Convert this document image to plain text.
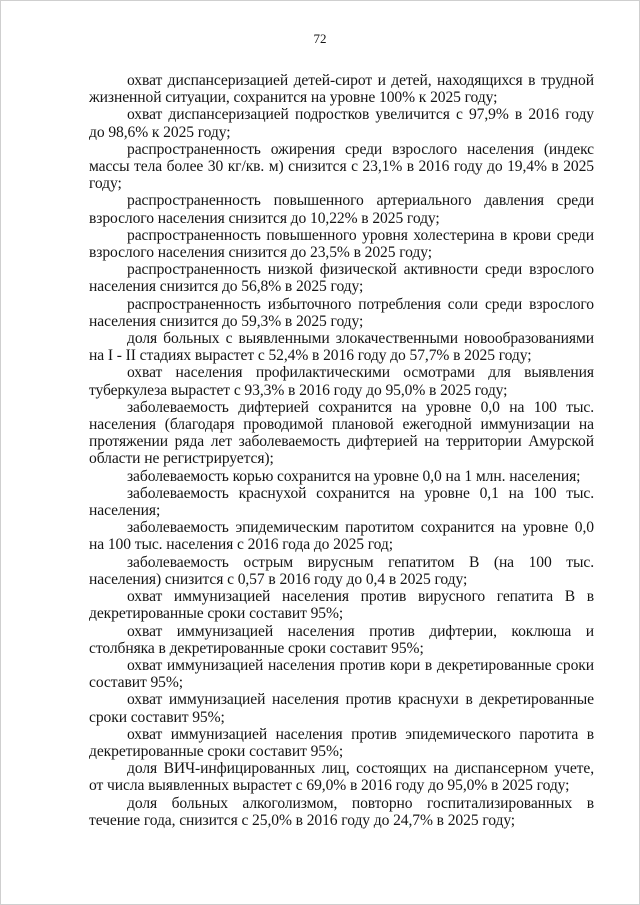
72

охват диспансеризацией детей-сирот и детей, находящихся в трудной жизненной ситуации, сохранится на уровне 100% к 2025 году;

охват диспансеризацией подростков увеличится с 97,9% в 2016 году до 98,6% к 2025 году;

распространенность ожирения среди взрослого населения (индекс массы тела более 30 кг/кв. м) снизится с 23,1% в 2016 году до 19,4% в 2025 году;

распространенность повышенного артериального давления среди взрослого населения снизится до 10,22% в 2025 году;

распространенность повышенного уровня холестерина в крови среди взрослого населения снизится до 23,5% в 2025 году;

распространенность низкой физической активности среди взрослого населения снизится до 56,8% в 2025 году;

распространенность избыточного потребления соли среди взрослого населения снизится до 59,3% в 2025 году;

доля больных с выявленными злокачественными новообразованиями на I - II стадиях вырастет с 52,4% в 2016 году до 57,7% в 2025 году;

охват населения профилактическими осмотрами для выявления туберкулеза вырастет с 93,3% в 2016 году до 95,0% в 2025 году;

заболеваемость дифтерией сохранится на уровне 0,0 на 100 тыс. населения (благодаря проводимой плановой ежегодной иммунизации на протяжении ряда лет заболеваемость дифтерией на территории Амурской области не регистрируется);

заболеваемость корью сохранится на уровне 0,0 на 1 млн. населения;

заболеваемость краснухой сохранится на уровне 0,1 на 100 тыс. населения;

заболеваемость эпидемическим паротитом сохранится на уровне 0,0 на 100 тыс. населения с 2016 года до 2025 год;

заболеваемость острым вирусным гепатитом В (на 100 тыс. населения) снизится с 0,57 в 2016 году до 0,4 в 2025 году;

охват иммунизацией населения против вирусного гепатита В в декретированные сроки составит 95%;

охват иммунизацией населения против дифтерии, коклюша и столбняка в декретированные сроки составит 95%;

охват иммунизацией населения против кори в декретированные сроки составит 95%;

охват иммунизацией населения против краснухи в декретированные сроки составит 95%;

охват иммунизацией населения против эпидемического паротита в декретированные сроки составит 95%;

доля ВИЧ-инфицированных лиц, состоящих на диспансерном учете, от числа выявленных вырастет с 69,0% в 2016 году до 95,0% в 2025 году;

доля больных алкоголизмом, повторно госпитализированных в течение года, снизится с 25,0% в 2016 году до 24,7% в 2025 году;
